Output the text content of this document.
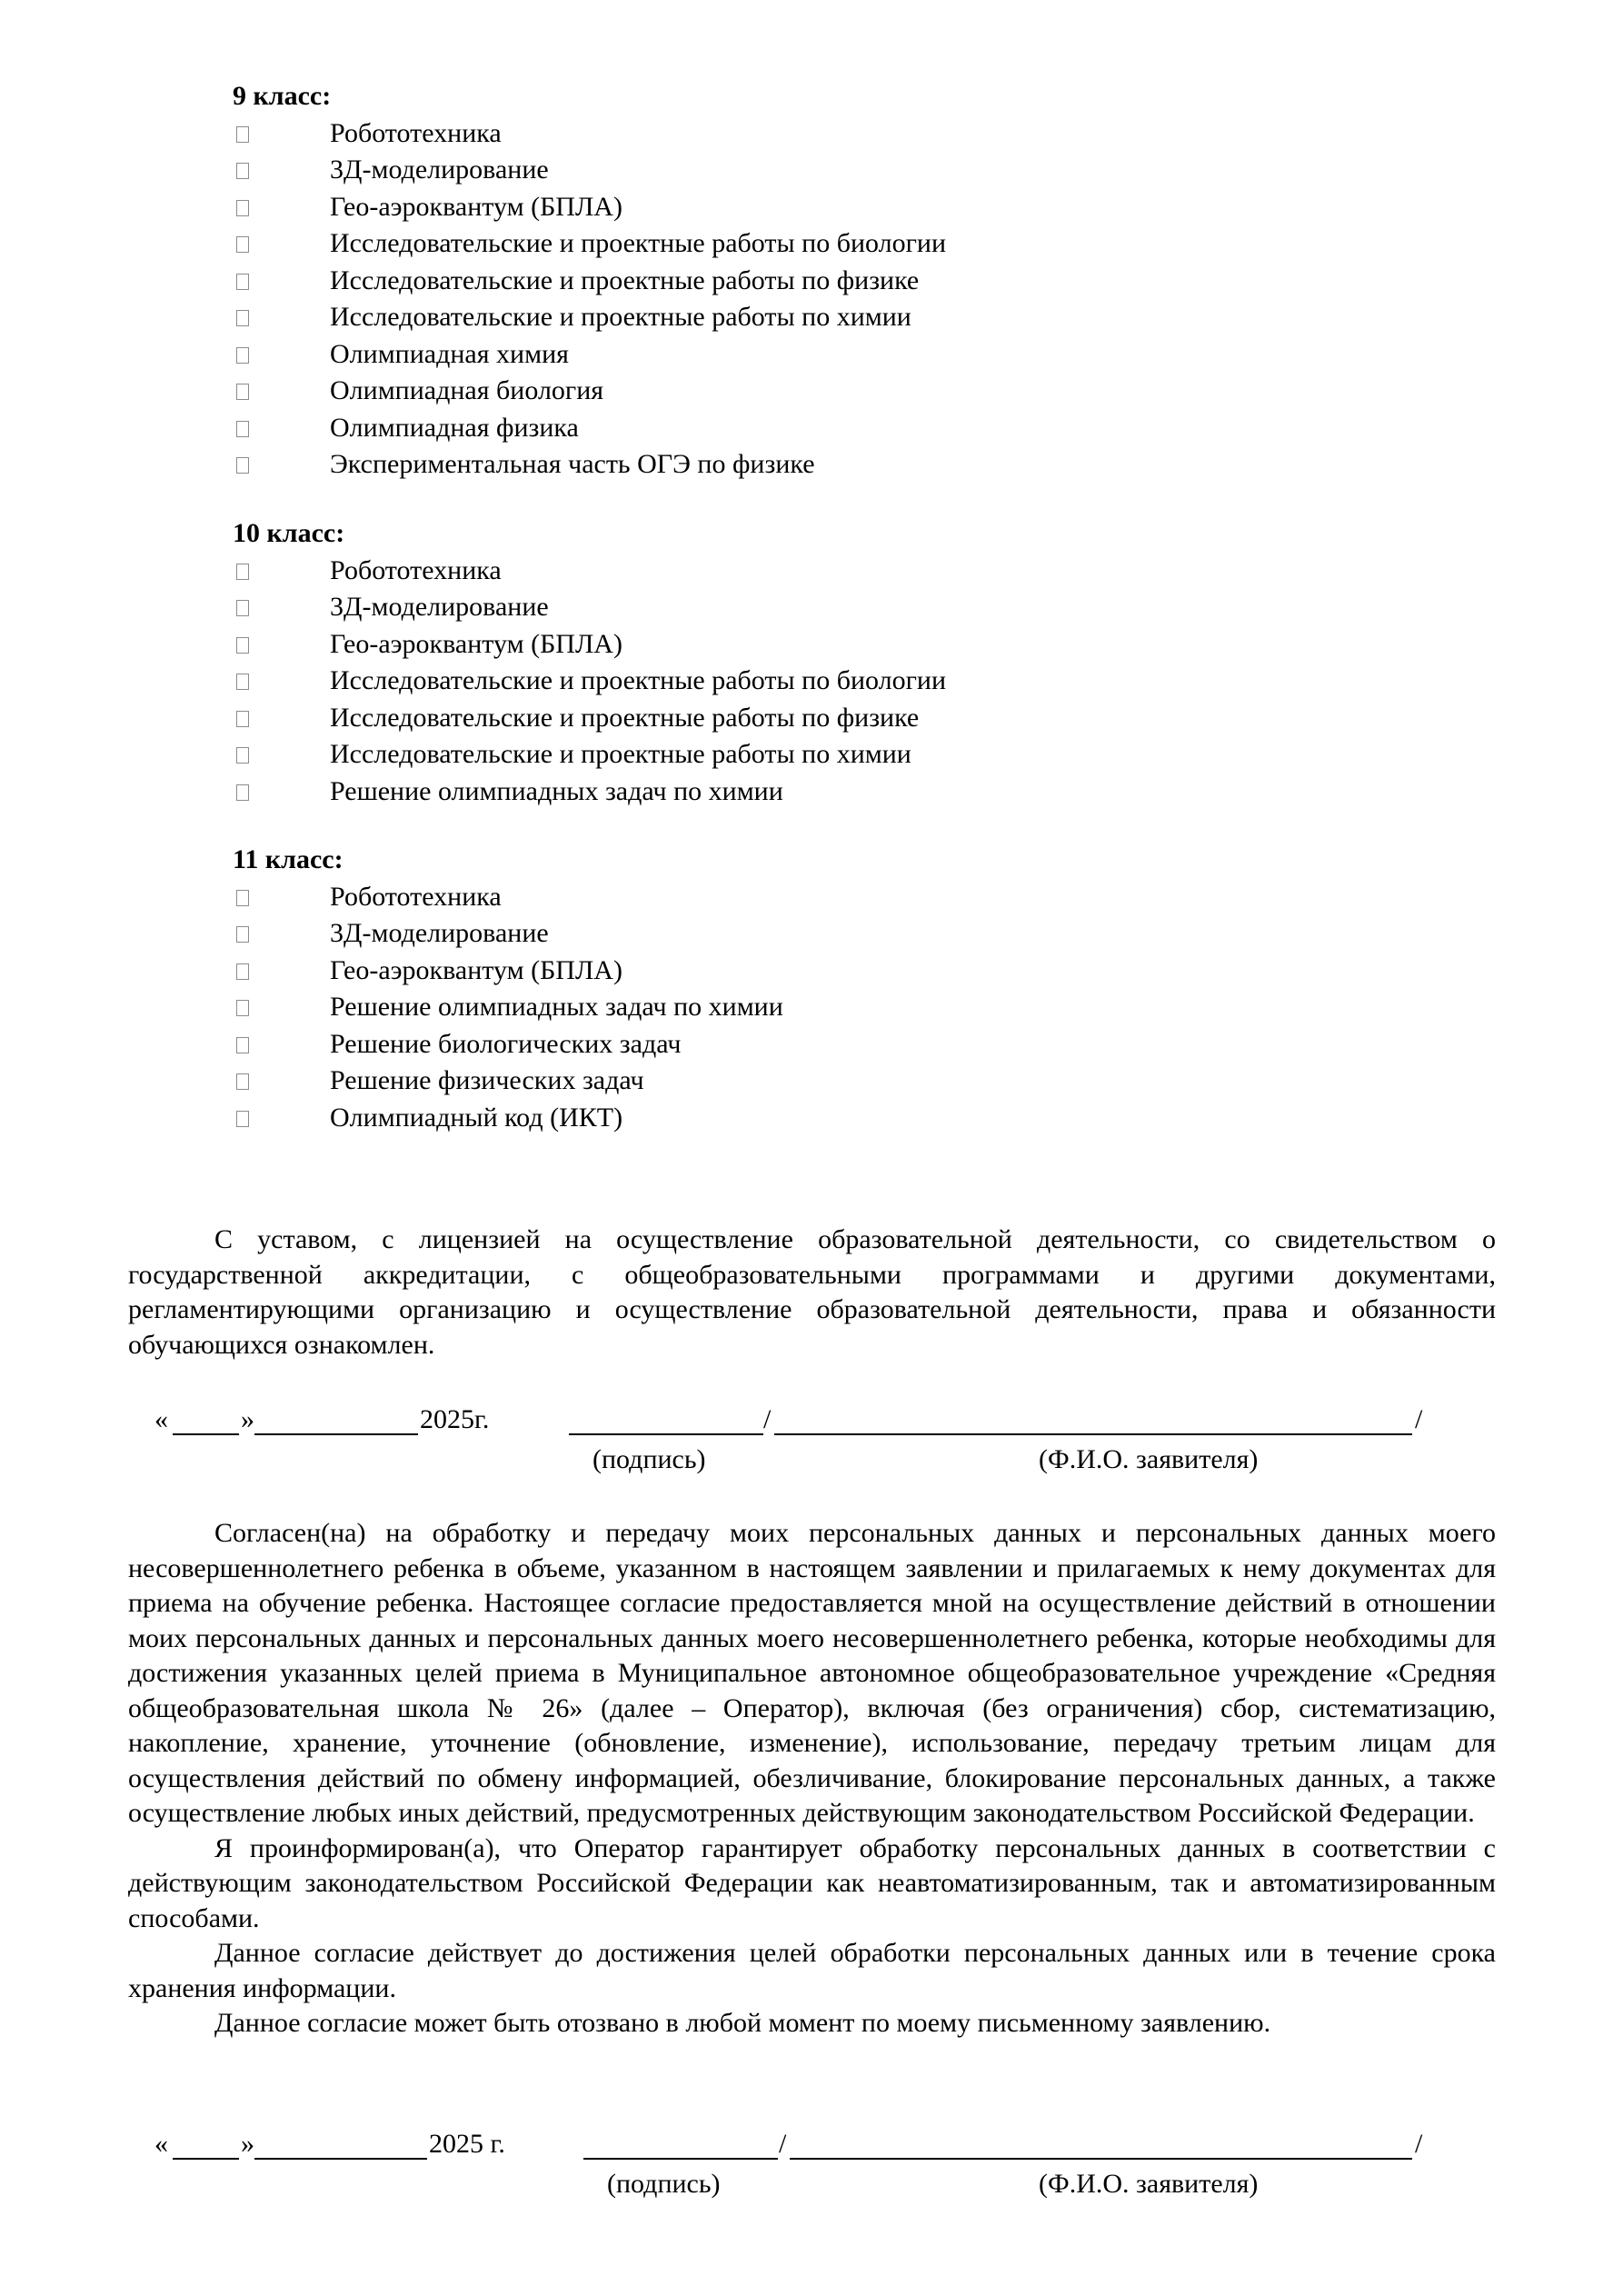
9 класс:

Робототехника
3Д-моделирование
Гео-аэроквантум (БПЛА)
Исследовательские и проектные работы по биологии
Исследовательские и проектные работы по физике
Исследовательские и проектные работы по химии
Олимпиадная химия
Олимпиадная биология
Олимпиадная физика
Экспериментальная часть ОГЭ по физике

10 класс:

Робототехника
3Д-моделирование
Гео-аэроквантум (БПЛА)
Исследовательские и проектные работы по биологии
Исследовательские и проектные работы по физике
Исследовательские и проектные работы по химии
Решение олимпиадных задач по химии

11 класс:

Робототехника
3Д-моделирование
Гео-аэроквантум (БПЛА)
Решение олимпиадных задач по химии
Решение биологических задач
Решение физических задач
Олимпиадный код (ИКТ)

С уставом, с лицензией на осуществление образовательной деятельности, со свидетельством о государственной аккредитации, с общеобразовательными программами и другими документами, регламентирующими организацию и осуществление образовательной деятельности, права и обязанности обучающихся ознакомлен.

«	»	2025г.	/	/
(подпись)	(Ф.И.О. заявителя)

Согласен(на) на обработку и передачу моих персональных данных и персональных данных моего несовершеннолетнего ребенка в объеме, указанном в настоящем заявлении и прилагаемых к нему документах для приема на обучение ребенка. Настоящее согласие предоставляется мной на осуществление действий в отношении моих персональных данных и персональных данных моего несовершеннолетнего ребенка, которые необходимы для достижения указанных целей приема в Муниципальное автономное общеобразовательное учреждение «Средняя общеобразовательная школа № 26» (далее – Оператор), включая (без ограничения) сбор, систематизацию, накопление, хранение, уточнение (обновление, изменение), использование, передачу третьим лицам для осуществления действий по обмену информацией, обезличивание, блокирование персональных данных, а также осуществление любых иных действий, предусмотренных действующим законодательством Российской Федерации.

Я проинформирован(а), что Оператор гарантирует обработку персональных данных в соответствии с действующим законодательством Российской Федерации как неавтоматизированным, так и автоматизированным способами.

Данное согласие действует до достижения целей обработки персональных данных или в течение срока хранения информации.

Данное согласие может быть отозвано в любой момент по моему письменному заявлению.

«	»	2025 г.	/	/
(подпись)	(Ф.И.О. заявителя)
